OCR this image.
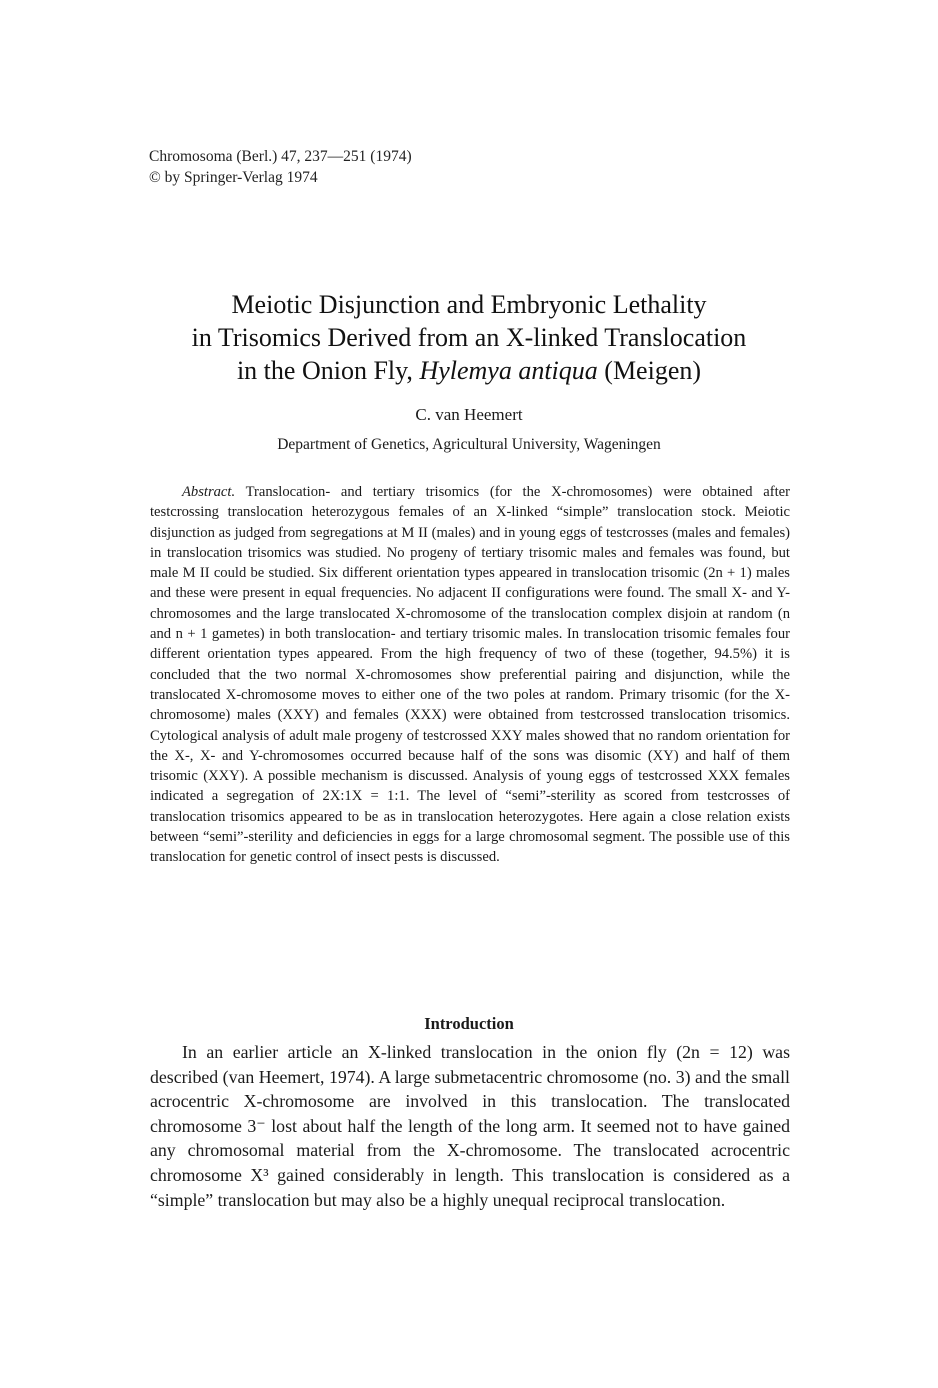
Chromosoma (Berl.) 47, 237—251 (1974)
© by Springer-Verlag 1974
Meiotic Disjunction and Embryonic Lethality
in Trisomics Derived from an X-linked Translocation
in the Onion Fly, Hylemya antiqua (Meigen)
C. van Heemert
Department of Genetics, Agricultural University, Wageningen

Abstract. Translocation- and tertiary trisomics (for the X-chromosomes) were obtained after testcrossing translocation heterozygous females of an X-linked “simple” translocation stock. Meiotic disjunction as judged from segregations at M II (males) and in young eggs of testcrosses (males and females) in translocation trisomics was studied. No progeny of tertiary trisomic males and females was found, but male M II could be studied. Six different orientation types appeared in translocation trisomic (2n + 1) males and these were present in equal frequencies. No adjacent II configurations were found. The small X- and Y-chromosomes and the large translocated X-chromosome of the translocation complex disjoin at random (n and n + 1 gametes) in both translocation- and tertiary trisomic males. In translocation trisomic females four different orientation types appeared. From the high frequency of two of these (together, 94.5%) it is concluded that the two normal X-chromosomes show preferential pairing and disjunction, while the translocated X-chromosome moves to either one of the two poles at random. Primary trisomic (for the X-chromosome) males (XXY) and females (XXX) were obtained from testcrossed translocation trisomics. Cytological analysis of adult male progeny of testcrossed XXY males showed that no random orientation for the X-, X- and Y-chromosomes occurred because half of the sons was disomic (XY) and half of them trisomic (XXY). A possible mechanism is discussed. Analysis of young eggs of testcrossed XXX females indicated a segregation of 2X:1X = 1:1. The level of “semi”-sterility as scored from testcrosses of translocation trisomics appeared to be as in translocation heterozygotes. Here again a close relation exists between “semi”-sterility and deficiencies in eggs for a large chromosomal segment. The possible use of this translocation for genetic control of insect pests is discussed.

Introduction

In an earlier article an X-linked translocation in the onion fly (2n = 12) was described (van Heemert, 1974). A large submetacentric chromosome (no. 3) and the small acrocentric X-chromosome are involved in this translocation. The translocated chromosome 3⁻ lost about half the length of the long arm. It seemed not to have gained any chromosomal material from the X-chromosome. The translocated acrocentric chromosome X³ gained considerably in length. This translocation is considered as a “simple” translocation but may also be a highly unequal reciprocal translocation.
